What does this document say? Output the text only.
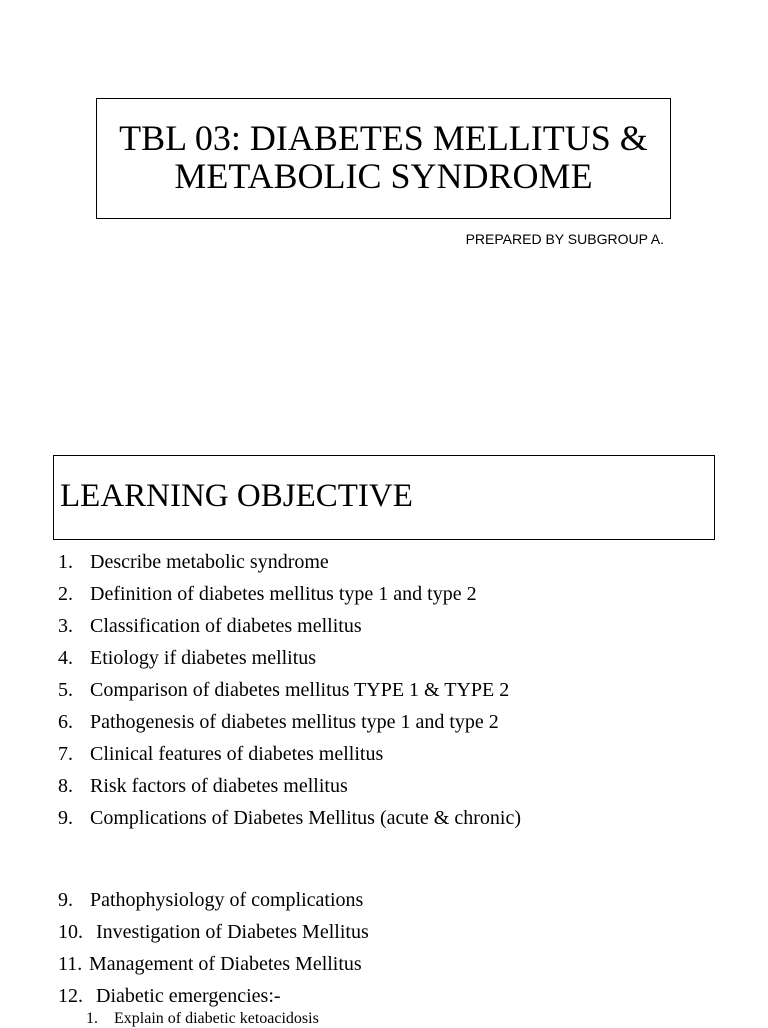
TBL 03: DIABETES MELLITUS &
METABOLIC SYNDROME
PREPARED BY SUBGROUP A.
LEARNING OBJECTIVE
1. Describe metabolic syndrome
2. Definition of diabetes mellitus type 1 and type 2
3. Classification of diabetes mellitus
4. Etiology if diabetes mellitus
5. Comparison of diabetes mellitus TYPE 1 & TYPE 2
6. Pathogenesis of diabetes mellitus type 1 and type 2
7. Clinical features of diabetes mellitus
8. Risk factors of diabetes mellitus
9. Complications of Diabetes Mellitus (acute & chronic)
9. Pathophysiology of complications
10. Investigation of Diabetes Mellitus
11. Management of Diabetes Mellitus
12. Diabetic emergencies:-
1. Explain of diabetic ketoacidosis
